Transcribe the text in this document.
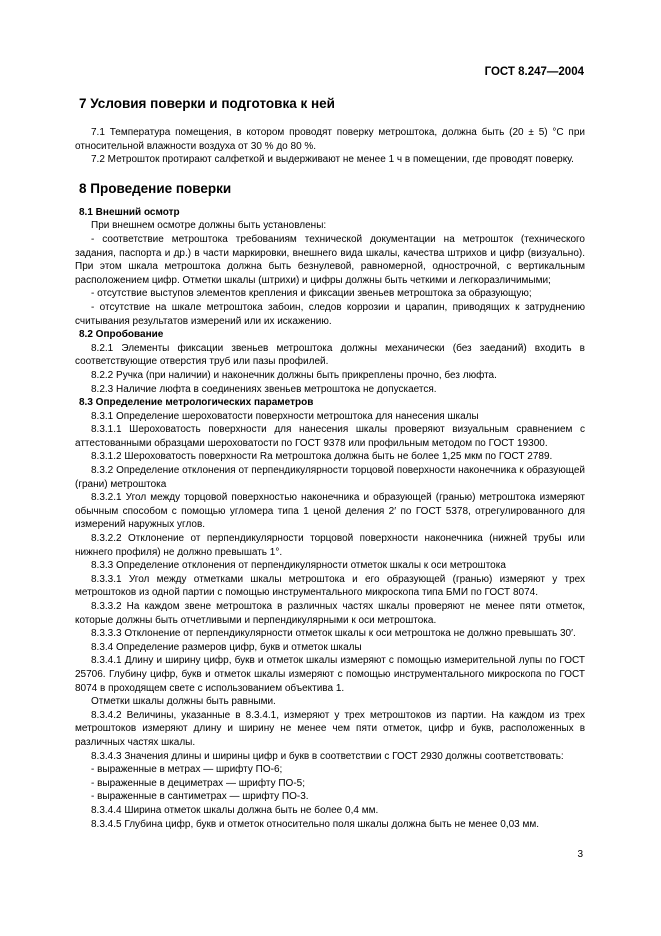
ГОСТ 8.247—2004
7 Условия поверки и подготовка к ней

7.1 Температура помещения, в котором проводят поверку метроштока, должна быть (20 ± 5) °С при относительной влажности воздуха от 30 % до 80 %.

7.2 Метрошток протирают салфеткой и выдерживают не менее 1 ч в помещении, где проводят поверку.

8 Проведение поверки

8.1 Внешний осмотр

При внешнем осмотре должны быть установлены:

- соответствие метроштока требованиям технической документации на метрошток (технического задания, паспорта и др.) в части маркировки, внешнего вида шкалы, качества штрихов и цифр (визуально). При этом шкала метроштока должна быть безнулевой, равномерной, однострочной, с вертикальным расположением цифр. Отметки шкалы (штрихи) и цифры должны быть четкими и легкоразличимыми;

- отсутствие выступов элементов крепления и фиксации звеньев метроштока за образующую;

- отсутствие на шкале метроштока забоин, следов коррозии и царапин, приводящих к затруднению считывания результатов измерений или их искажению.

8.2 Опробование

8.2.1 Элементы фиксации звеньев метроштока должны механически (без заеданий) входить в соответствующие отверстия труб или пазы профилей.

8.2.2 Ручка (при наличии) и наконечник должны быть прикреплены прочно, без люфта.

8.2.3 Наличие люфта в соединениях звеньев метроштока не допускается.

8.3 Определение метрологических параметров

8.3.1 Определение шероховатости поверхности метроштока для нанесения шкалы

8.3.1.1 Шероховатость поверхности для нанесения шкалы проверяют визуальным сравнением с аттестованными образцами шероховатости по ГОСТ 9378 или профильным методом по ГОСТ 19300.

8.3.1.2 Шероховатость поверхности Ra метроштока должна быть не более 1,25 мкм по ГОСТ 2789.

8.3.2 Определение отклонения от перпендикулярности торцовой поверхности наконечника к образующей (грани) метроштока

8.3.2.1 Угол между торцовой поверхностью наконечника и образующей (гранью) метроштока измеряют обычным способом с помощью угломера типа 1 ценой деления 2′ по ГОСТ 5378, отрегулированного для измерений наружных углов.

8.3.2.2 Отклонение от перпендикулярности торцовой поверхности наконечника (нижней трубы или нижнего профиля) не должно превышать 1°.

8.3.3 Определение отклонения от перпендикулярности отметок шкалы к оси метроштока

8.3.3.1 Угол между отметками шкалы метроштока и его образующей (гранью) измеряют у трех метроштоков из одной партии с помощью инструментального микроскопа типа БМИ по ГОСТ 8074.

8.3.3.2 На каждом звене метроштока в различных частях шкалы проверяют не менее пяти отметок, которые должны быть отчетливыми и перпендикулярными к оси метроштока.

8.3.3.3 Отклонение от перпендикулярности отметок шкалы к оси метроштока не должно превышать 30′.

8.3.4 Определение размеров цифр, букв и отметок шкалы

8.3.4.1 Длину и ширину цифр, букв и отметок шкалы измеряют с помощью измерительной лупы по ГОСТ 25706. Глубину цифр, букв и отметок шкалы измеряют с помощью инструментального микроскопа по ГОСТ 8074 в проходящем свете с использованием объектива 1.

Отметки шкалы должны быть равными.

8.3.4.2 Величины, указанные в 8.3.4.1, измеряют у трех метроштоков из партии. На каждом из трех метроштоков измеряют длину и ширину не менее чем пяти отметок, цифр и букв, расположенных в различных частях шкалы.

8.3.4.3 Значения длины и ширины цифр и букв в соответствии с ГОСТ 2930 должны соответствовать:

- выраженные в метрах — шрифту ПО-6;

- выраженные в дециметрах — шрифту ПО-5;

- выраженные в сантиметрах — шрифту ПО-3.

8.3.4.4 Ширина отметок шкалы должна быть не более 0,4 мм.

8.3.4.5 Глубина цифр, букв и отметок относительно поля шкалы должна быть не менее 0,03 мм.

3
